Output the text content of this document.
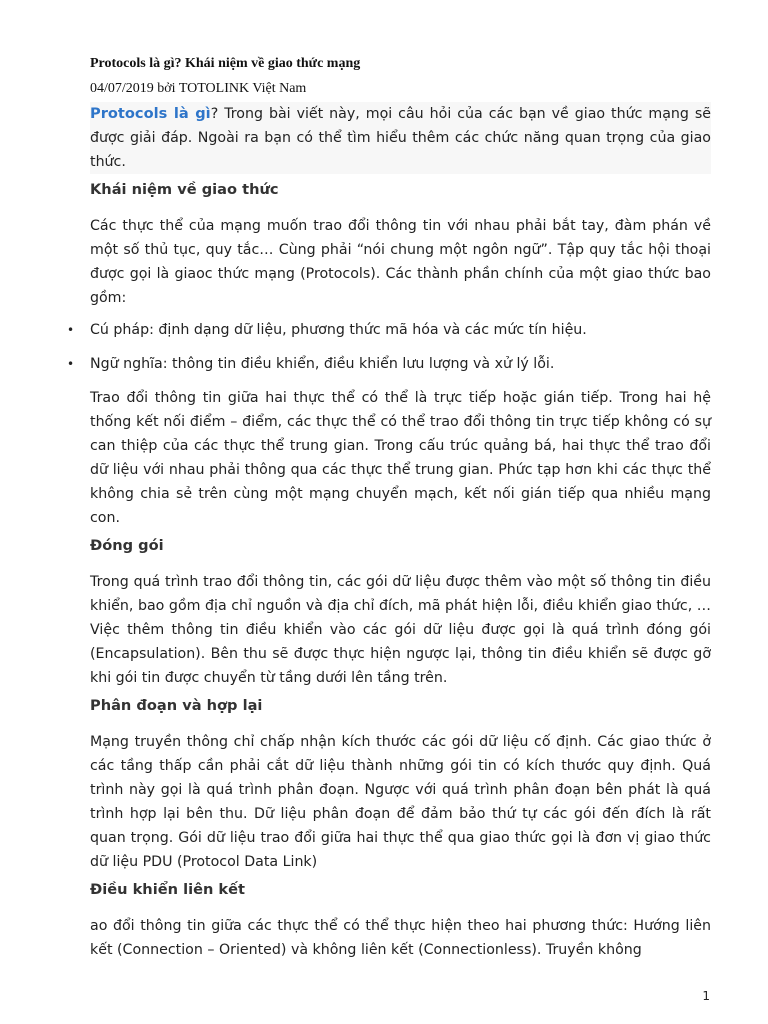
Protocols là gì? Khái niệm về giao thức mạng
04/07/2019 bởi TOTOLINK Việt Nam

Protocols là gì? Trong bài viết này, mọi câu hỏi của các bạn về giao thức mạng sẽ được giải đáp. Ngoài ra bạn có thể tìm hiểu thêm các chức năng quan trọng của giao thức.

Khái niệm về giao thức

Các thực thể của mạng muốn trao đổi thông tin với nhau phải bắt tay, đàm phán về một số thủ tục, quy tắc… Cùng phải “nói chung một ngôn ngữ”. Tập quy tắc hội thoại được gọi là giaoc thức mạng (Protocols). Các thành phần chính của một giao thức bao gồm:

• Cú pháp: định dạng dữ liệu, phương thức mã hóa và các mức tín hiệu.
• Ngữ nghĩa: thông tin điều khiển, điều khiển lưu lượng và xử lý lỗi.

Trao đổi thông tin giữa hai thực thể có thể là trực tiếp hoặc gián tiếp. Trong hai hệ thống kết nối điểm – điểm, các thực thể có thể trao đổi thông tin trực tiếp không có sự can thiệp của các thực thể trung gian. Trong cấu trúc quảng bá, hai thực thể trao đổi dữ liệu với nhau phải thông qua các thực thể trung gian. Phức tạp hơn khi các thực thể không chia sẻ trên cùng một mạng chuyển mạch, kết nối gián tiếp qua nhiều mạng con.

Đóng gói

Trong quá trình trao đổi thông tin, các gói dữ liệu được thêm vào một số thông tin điều khiển, bao gồm địa chỉ nguồn và địa chỉ đích, mã phát hiện lỗi, điều khiển giao thức, … Việc thêm thông tin điều khiển vào các gói dữ liệu được gọi là quá trình đóng gói (Encapsulation). Bên thu sẽ được thực hiện ngược lại, thông tin điều khiển sẽ được gỡ khi gói tin được chuyển từ tầng dưới lên tầng trên.

Phân đoạn và hợp lại

Mạng truyền thông chỉ chấp nhận kích thước các gói dữ liệu cố định. Các giao thức ở các tầng thấp cần phải cắt dữ liệu thành những gói tin có kích thước quy định. Quá trình này gọi là quá trình phân đoạn. Ngược với quá trình phân đoạn bên phát là quá trình hợp lại bên thu. Dữ liệu phân đoạn để đảm bảo thứ tự các gói đến đích là rất quan trọng. Gói dữ liệu trao đổi giữa hai thực thể qua giao thức gọi là đơn vị giao thức dữ liệu PDU (Protocol Data Link)

Điều khiển liên kết

ao đổi thông tin giữa các thực thể có thể thực hiện theo hai phương thức: Hướng liên kết (Connection – Oriented) và không liên kết (Connectionless). Truyền không

1
